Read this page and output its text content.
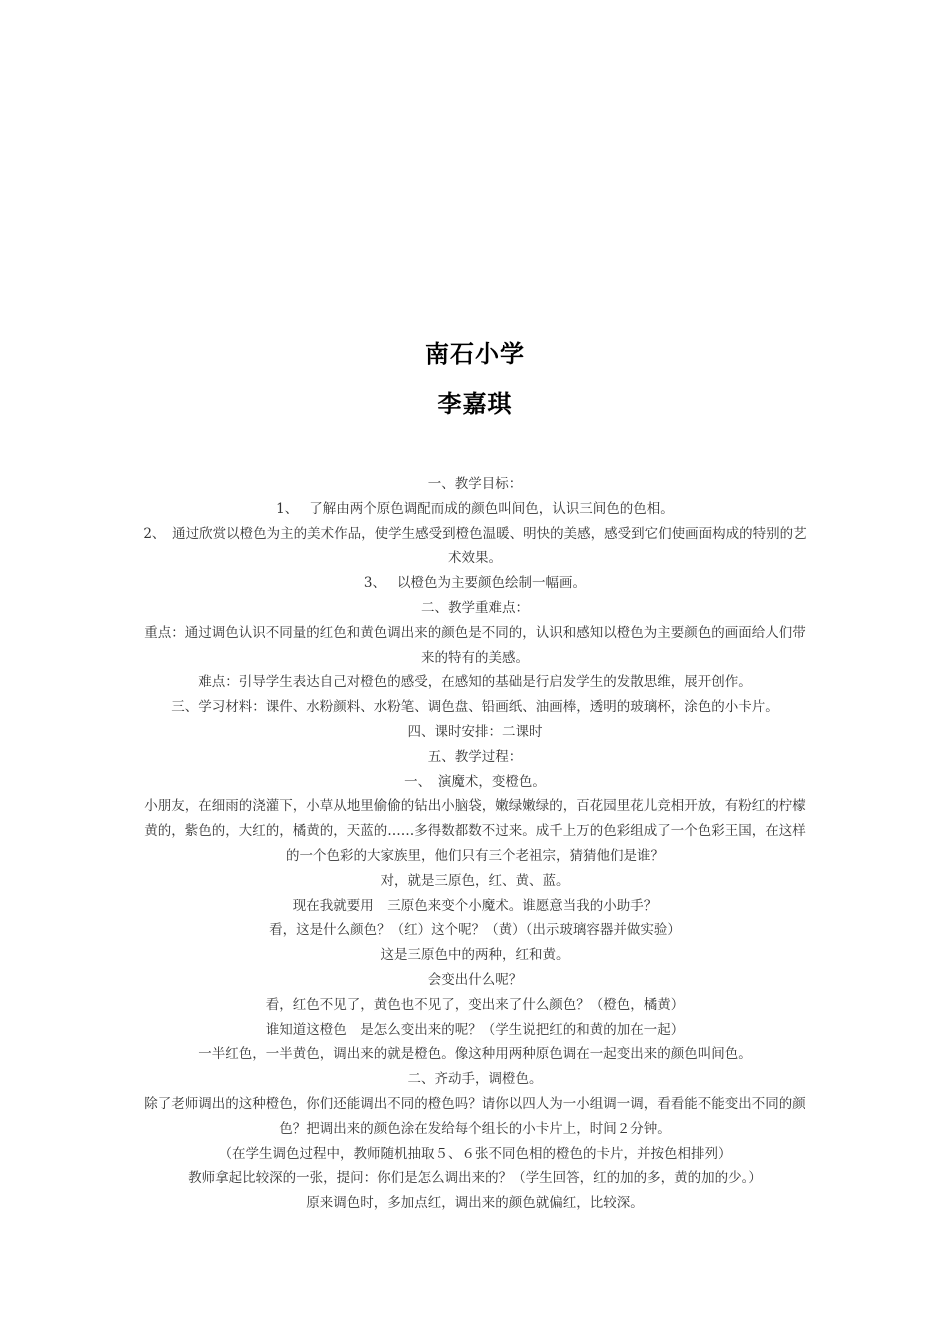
南石小学
李嘉琪

一、教学目标：

1、　 了解由两个原色调配而成的颜色叫间色，认识三间色的色相。

2、　通过欣赏以橙色为主的美术作品，使学生感受到橙色温暖、明快的美感，感受到它们使画面构成的特别的艺术效果。

3、　 以橙色为主要颜色绘制一幅画。

二、教学重难点：

重点：通过调色认识不同量的红色和黄色调出来的颜色是不同的，认识和感知以橙色为主要颜色的画面给人们带来的特有的美感。

难点：引导学生表达自己对橙色的感受，在感知的基础是行启发学生的发散思维，展开创作。

三、学习材料：课件、水粉颜料、水粉笔、调色盘、铅画纸、油画棒，透明的玻璃杯，涂色的小卡片。

四、课时安排：二课时

五、教学过程：

一、　演魔术，变橙色。

小朋友，在细雨的浇灌下，小草从地里偷偷的钻出小脑袋，嫩绿嫩绿的，百花园里花儿竞相开放，有粉红的柠檬黄的，紫色的，大红的，橘黄的，天蓝的……多得数都数不过来。成千上万的色彩组成了一个色彩王国，在这样的一个色彩的大家族里，他们只有三个老祖宗，猜猜他们是谁？

对，就是三原色，红、黄、蓝。

现在我就要用　三原色来变个小魔术。谁愿意当我的小助手？

看，这是什么颜色？（红）这个呢？（黄）（出示玻璃容器并做实验）

这是三原色中的两种，红和黄。

会变出什么呢？

看，红色不见了，黄色也不见了，变出来了什么颜色？（橙色，橘黄）

谁知道这橙色　是怎么变出来的呢？（学生说把红的和黄的加在一起）

一半红色，一半黄色，调出来的就是橙色。像这种用两种原色调在一起变出来的颜色叫间色。

二、齐动手，调橙色。

除了老师调出的这种橙色，你们还能调出不同的橙色吗？请你以四人为一小组调一调，看看能不能变出不同的颜色？把调出来的颜色涂在发给每个组长的小卡片上，时间２分钟。

（在学生调色过程中，教师随机抽取５、６张不同色相的橙色的卡片，并按色相排列）

教师拿起比较深的一张，提问：你们是怎么调出来的？（学生回答，红的加的多，黄的加的少。）

原来调色时，多加点红，调出来的颜色就偏红，比较深。
